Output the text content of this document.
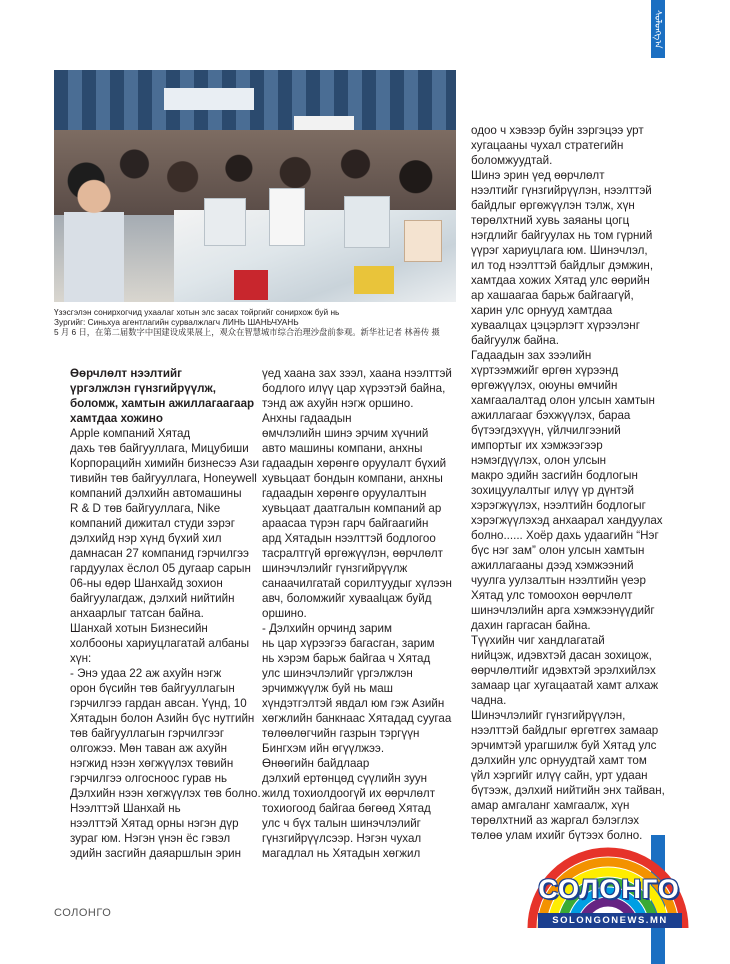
ᠰᠤᠯᠤᠩᠭ᠎ᠠ
Үзэсгэлэн сонирхогчид ухаалаг хотын элс засах тойргийг сонирхож буй нь
Зургийг: Синьхуа агентлагийн сурвалжлагч ЛИНЬ ШАНЬЧУАНЬ
5 月 6 日，在第二届数字中国建设成果展上，观众在智慧城市综合治理沙盘前参观。新华社记者 林善传 摄

Өөрчлөлт нээлтийг

үргэлжлэн гүнзгийрүүлж,

боломж, хамтын ажиллагаагаар

хамтдаа хожино

Apple компаний Хятад

дахь төв байгууллага, Мицубиши

Корпорацийн химийн бизнесээ Ази

тивийн төв байгууллага, Honeywell

компаний дэлхийн автомашины

R & D төв байгууллага, Nike

компаний дижитал студи зэрэг

дэлхийд нэр хүнд бүхий хил

дамнасан 27 компанид гэрчилгээ

гардуулах ёслол 05 дугаар сарын

06-ны өдөр Шанхайд зохион

байгуулагдаж, дэлхий нийтийн

анхаарлыг татсан байна.

Шанхай хотын Бизнесийн

холбооны хариуцлагатай албаны

хүн:

- Энэ удаа 22 аж ахуйн нэгж

орон бүсийн төв байгууллагын

гэрчилгээ гардан авсан. Үүнд, 10

Хятадын болон Азийн бүс нутгийн

төв байгууллагын гэрчилгээг

олгожээ. Мөн таван аж ахуйн

нэгжид нээн хөгжүүлэх төвийн

гэрчилгээ олгосноос гурав нь

Дэлхийн нээн хөгжүүлэх төв болно.

Нээлттэй Шанхай нь

нээлттэй Хятад орны нэгэн дүр

зураг юм. Нэгэн үнэн ёс гэвэл

эдийн засгийн даяаршлын эрин

үед хаана зах зээл, хаана нээлттэй

бодлого илүү цар хүрээтэй байна,

тэнд аж ахуйн нэгж оршино.

Анхны гадаадын

өмчлэлийн шинэ эрчим хүчний

авто машины компани, анхны

гадаадын хөрөнгө оруулалт бүхий

хувьцаат бондын компани, анхны

гадаадын хөрөнгө оруулалтын

хувьцаат даатгалын компаний ар

араасаа түрэн гарч байгаагийн

ард Хятадын нээлттэй бодлогоо

тасралтгүй өргөжүүлэн, өөрчлөлт

шинэчлэлийг гүнзгийрүүлж

санаачилгатай сорилтуудыг хүлээн

авч, боломжийг хувааlцаж буйд

оршино.

- Дэлхийн орчинд зарим

нь цар хүрээгээ багасган, зарим

нь хэрэм барьж байгаа ч Хятад

улс шинэчлэлийг үргэлжлэн

эрчимжүүлж буй нь маш

хүндэтгэлтэй явдал юм гэж Азийн

хөгжлийн банкнаас Хятадад суугаа

төлөөлөгчийн газрын тэргүүн

Бингхэм ийн өгүүлжээ.

Өнөөгийн байдлаар

дэлхий ертөнцөд сүүлийн зуун

жилд тохиолдоогүй их өөрчлөлт

тохиогоод байгаа бөгөөд Хятад

улс ч бүх талын шинэчлэлийг

гүнзгийрүүлсээр. Нэгэн чухал

магадлал нь Хятадын хөгжил

одоо ч хэвээр буйн зэргэцээ урт

хугацааны чухал стратегийн

боломжуудтай.

Шинэ эрин үед өөрчлөлт

нээлтийг гүнзгийрүүлэн, нээлттэй

байдлыг өргөжүүлэн тэлж, хүн

төрөлхтний хувь заяаны цогц

нэгдлийг байгуулах нь том гүрний

үүрэг хариуцлага юм. Шинэчлэл,

ил тод нээлттэй байдлыг дэмжин,

хамтдаа хожих Хятад улс өөрийн

ар хашаагаа барьж байгаагүй,

харин улс орнууд хамтдаа

хуваалцах цэцэрлэгт хүрээлэнг

байгуулж байна.

Гадаадын зах зээлийн

хүртээмжийг өргөн хүрээнд

өргөжүүлэх, оюуны өмчийн

хамгаалалтад олон улсын хамтын

ажиллагааг бэхжүүлэх, бараа

бүтээгдэхүүн, үйлчилгээний

импортыг их хэмжээгээр

нэмэгдүүлэх, олон улсын

макро эдийн засгийн бодлогын

зохицуулалтыг илүү үр дүнтэй

хэрэгжүүлэх, нээлтийн бодлогыг

хэрэгжүүлэхэд анхаарал хандуулах

болно...... Хоёр дахь удаагийн “Нэг

бүс нэг зам” олон улсын хамтын

ажиллагааны дээд хэмжээний

чуулга уулзалтын нээлтийн үеэр

Хятад улс томоохон өөрчлөлт

шинэчлэлийн арга хэмжээнүүдийг

дахин гаргасан байна.

Түүхийн чиг хандлагатай

нийцэж, идэвхтэй дасан зохицож,

өөрчлөлтийг идэвхтэй эрэлхийлэх

замаар цаг хугацаатай хамт алхаж

чадна.

Шинэчлэлийг гүнзгийрүүлэн,

нээлттэй байдлыг өргөтгөх замаар

эрчимтэй урагшилж буй Хятад улс

дэлхийн улс орнуудтай хамт том

үйл хэргийг илүү сайн, урт удаан

бүтээж, дэлхий нийтийн энх тайван,

амар амгаланг хамгаалж, хүн

төрөлхтний аз жаргал бэлэглэх

төлөө улам ихийг бүтээх болно.

СОЛОНГО
СОЛОНГО
SOLONGONEWS.MN
